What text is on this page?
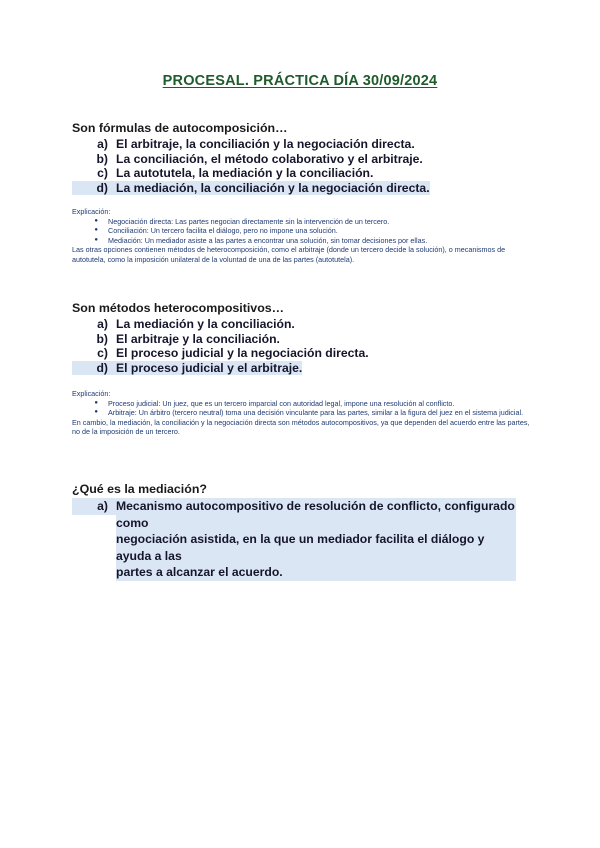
PROCESAL. PRÁCTICA DÍA 30/09/2024
Son fórmulas de autocomposición…
a) El arbitraje, la conciliación y la negociación directa.
b) La conciliación, el método colaborativo y el arbitraje.
c) La autotutela, la mediación y la conciliación.
d) La mediación, la conciliación y la negociación directa.

Explicación:

●	Negociación directa: Las partes negocian directamente sin la intervención de un tercero.
●	Conciliación: Un tercero facilita el diálogo, pero no impone una solución.
●	Mediación: Un mediador asiste a las partes a encontrar una solución, sin tomar decisiones por ellas.

Las otras opciones contienen métodos de heterocomposición, como el arbitraje (donde un tercero decide la solución), o mecanismos de autotutela, como la imposición unilateral de la voluntad de una de las partes (autotutela).

Son métodos heterocompositivos…
a) La mediación y la conciliación.
b) El arbitraje y la conciliación.
c) El proceso judicial y la negociación directa.
d) El proceso judicial y el arbitraje.

Explicación:

●	Proceso judicial: Un juez, que es un tercero imparcial con autoridad legal, impone una resolución al conflicto.
●	Arbitraje: Un árbitro (tercero neutral) toma una decisión vinculante para las partes, similar a la figura del juez en el sistema judicial.

En cambio, la mediación, la conciliación y la negociación directa son métodos autocompositivos, ya que dependen del acuerdo entre las partes, no de la imposición de un tercero.

¿Qué es la mediación?
a) Mecanismo autocompositivo de resolución de conflicto, configurado como
negociación asistida, en la que un mediador facilita el diálogo y ayuda a las
partes a alcanzar el acuerdo.
